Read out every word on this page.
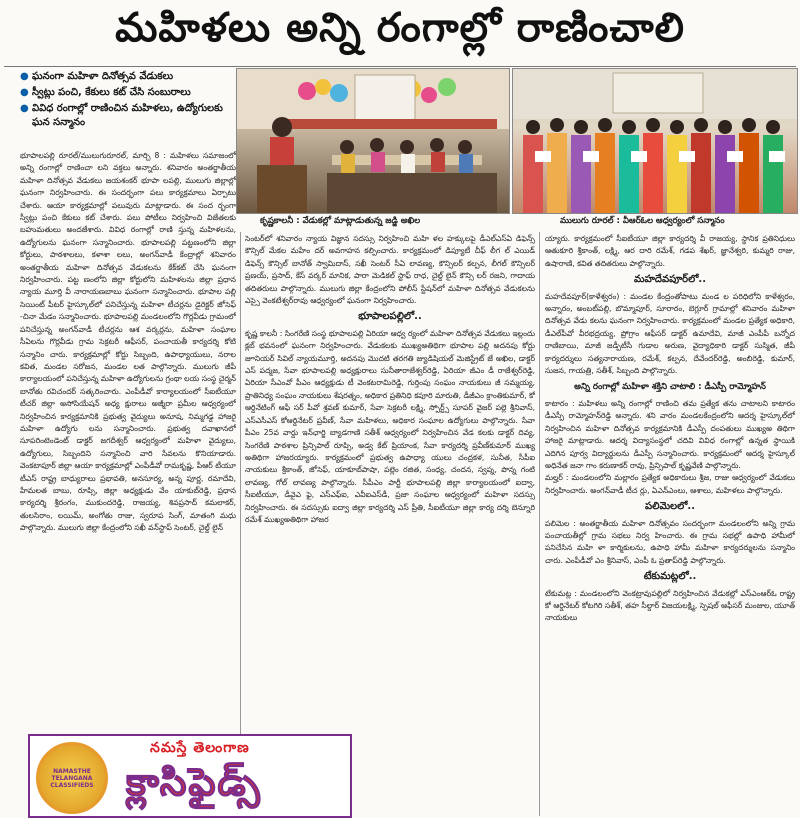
మహిళలు అన్ని రంగాల్లో రాణించాలి
● ఘనంగా మహిళా దినోత్సవ వేడుకలు
● స్వీట్లు పంచి, కేకులు కట్ చేసి సంబురాలు
● వివిధ రంగాల్లో రాణించిన మహిళలు, ఉద్యోగులకు ఘన సన్మానం
కృష్ణకాలనీ : వేడుకల్లో మాట్లాడుతున్న జడ్జి అఖిల	ములుగు రూరల్ : వీఆర్‌ఓల ఆధ్వర్యంలో సన్మానం

భూపాలపల్లి రూరల్/ములుగురూరల్, మార్చి 8 : మహిళలు సమాజంలో అన్ని రంగాల్లో రాణించా లని వక్తలు అన్నారు. శనివారం అంతర్జాతీయ మహిళా దినోత్సవ వేడుకలు జయశంకర్ భూపా లపల్లి, ములుగు జిల్లాల్లో ఘనంగా నిర్వహించారు. ఈ సందర్భంగా పలు కార్యక్రమాలు ఏర్పాటు చేశారు. ఆయా కార్యక్రమాల్లో పలువురు మాట్లాడారు. ఈ సంద ర్భంగా స్వీట్లు పంచి కేకులు కట్ చేశారు. పలు పోటీలు నిర్వహించి విజేతలకు బహుమతులు అందజేశారు. వివిధ రంగాల్లో రాణి స్తున్న మహిళలను, ఉద్యోగులను ఘనంగా సన్మానించారు. భూపాలపల్లి పట్టణంలోని జిల్లా కోర్టులు, పాఠశాలలు, కళాశా లలు, అంగన్‌వాడీ కేంద్రాల్లో శనివారం అంతర్జాతీయ మహిళా దినోత్సవ వేడుకలను కేక్‌కట్ చేసి ఘనంగా నిర్వహించారు. పట్ట ణంలోని జిల్లా కోర్టులోని మహిళలను జిల్లా ప్రధాన న్యాయ మూర్తి వీ నారాయణబాబు ఘనంగా సన్మానించారు. భూపాల పల్లి సెయింట్ పీటర్ హైస్కూల్‌లో పనిచేస్తున్న మహిళా టీచర్లను డైరెక్టర్ జోసెఫ్ -చినా మేడం సన్మానించారు. భూపాలపల్లి మండలంలోని గొర్లవీడు గ్రామంలో పనిచేస్తున్న అంగన్‌వాడీ టీచర్లను ఆశ వర్కర్లను, మహిళా సంఘాల సీఏలను గొర్లవీడు గ్రామ సెక్రటరీ ఆఫీసర్, పంచాయతీ కార్యదర్శి కోటి సన్మానిం చారు. కార్యక్రమాల్లో కోర్టు సిబ్బంది, ఉపాధ్యాయులు, నరాల కవిత, మండల సరోజన, మండల లత పాల్గొన్నారు. ములుగు జీపీ కార్యాలయంలో పనిచేస్తున్న మహిళా ఉద్యోగులను గ్రంథా లయ సంస్థ చైర్మన్ బానోతు రవిచందర్ సత్కరించారు. ఎంపీడీవో కార్యాలయంలో సీఐటీయూ టీచర్ జిల్లా అసోసియేషన్ అధ్య క్షురాలు అజ్మీరా ప్రమీల ఆధ్వర్యంలో నిర్వహించిన కార్యక్రమానికి ప్రభుత్వ వైద్యులు అనూష, నిమ్మగడ్డ హాజరై మహిళా ఉద్యోగు లను సన్మానించారు. ప్రభుత్వ దవాఖానలో సూపరింటెండెంట్ డాక్టర్ జగదీశ్వర్ ఆధ్వర్యంలో మహిళా వైద్యులు, ఉద్యోగులు, సిబ్బందిని సన్మానించి వారి సేవలను కొనియాడారు. వెంకటాపూర్ జిల్లా ఆయా కార్యక్రమాల్లో ఎంపీడీవో రామకృష్ణ, పీఆర్‌ టీయూ టీఎస్ రాష్ట్ర బాధ్యురాలు ప్రభావతి, అనసూర్య, అన్న పూర్ణ, రమాదేవి, హేమలత బాబు, రూప్సి, జిల్లా అధ్యక్షుడు వేం యాకుబ్‌రెడ్డి, ప్రధాన కార్యదర్శి శ్రీరంగం, ముకుందరెడ్డి, రాజయ్య, శివప్రసాద్ కమలాకర్, తులసిరాం, లయిమ్, అంగోతు రాజు, స్వరూప సింగ్, మాతంగి మధు పాల్గొన్నారు. ములుగు జిల్లా కేంద్రంలోని సఖీ వన్‌స్టాప్ సెంటర్, చైల్డ్ లైన్

సెంటర్‌లో శనివారం న్యాయ విజ్ఞాన సదస్సు నిర్వహించి మహి ళల హక్కులపై డీఎల్ఎస్ఏ డిఫెన్స్ కౌన్సిల్ మేకల మహేం దర్ అవగాహన కల్పించారు. కార్యక్రమంలో డిప్యూటీ చీఫ్ లీగ ల్ ఎయిడ్ డిఫెన్స్ కౌన్సిల్ బానోత్ స్వామిదాస్, సఖీ సెంటర్ సీఏ లావణ్య, కౌన్సిలర్ కల్పన, లీగల్ కౌన్సిలర్ ప్రణయ్, ప్రసాద్, కేస్ వర్కర్ మానిక, పారా మెడికల్ స్టాఫ్ రాధ, చైల్డ్ లైన్ కౌన్సి లర్ రజని, గాదాయ తదితరులు పాల్గొన్నారు. ములుగు జిల్లా కేంద్రంలోని పోలీస్ స్టేషన్‌లో మహిళా దినోత్సవ వేడుకలను ఎస్సై వెంకటేశ్వర్‌రావు ఆధ్వర్యంలో ఘనంగా నిర్వహించారు.

భూపాలపల్లిలో..

కృష్ణ కాలనీ : సింగరేణి సంస్థ భూపాలపల్లి ఏరియా ఆధ్వ ర్యంలో మహిళా దినోత్సవ వేడుకలు ఇల్లందు క్లబ్ భవనంలో ఘనంగా నిర్వహించారు. వేడుకలకు ముఖ్యఅతిథిగా భూపాల పల్లి అదనపు కోర్టు జూనియర్ సివిల్ న్యాయమూర్తి, అదనపు మొదటి తరగతి జ్యుడిషియల్ మెజిస్ట్రేట్ జే అఖిల, డాక్టర్ ఎస్ పద్మజ, సేవా భూపాలపల్లి అధ్యక్షురాలు సునీతారాజేశ్వర్‌రెడ్డి, ఏరియా జీఎం డీ రాజేశ్వర్‌రెడ్డి, ఏరియా సీఎంవో పీఎం ఆధ్యక్షుడు టీ వెంకటరామిరెడ్డి, గుర్తింపు సంఘం నాయకులు జీ సమ్మయ్య, ప్రాతినిధ్య సంఘం నాయకులు శేషరత్నం, అధికార ప్రతినిధి కపూరి మారుతి, డీజీఎం క్రాంతికుమార్, కో ఆర్డినేటింగ్ ఆఫీ సర్ పీవో శ్రవణ్ కుమార్, సేవా సెక్రటరీ లక్ష్మి, స్పోర్ట్స్ సూపర్ వైజర్ పల్లె శ్రీనివాస్, ఎస్ఎసీఎస్ కోఆర్డినేటర్ ప్రవీణ్, సేవా మహిళలు, అధికార సంఘాల ఉద్యోగులు పాల్గొన్నారు. సేవా పీఎం 25వ వార్డు ఇన్‌ఛార్జి బ్యాడగాణి సతీశ్ ఆధ్వర్యంలో నిర్వహించిన వేడ కలకు డాక్టర్ దివ్య, సింగరేణి పాఠశాల ప్రిన్సిపాల్ రూప్సి, అడ్వ కేట్ ప్రియాంక, సేవా కార్యదర్శి ప్రవీణ్‌కుమార్ ముఖ్య అతిథిగా హాజరయ్యారు. కార్యక్రమంలో ప్రభుత్వ ఉపాధ్యా యులు చంద్రకళ, సునీత, సీపీఐ నాయకులు శ్రీకాంత్, జోసెఫ్, యాకూబ్‌పాషా, పల్లెం రజిత, సంధ్య, చందన, స్వప్న, పొన్న గంటి లావణ్య, గోల్ లావణ్య పాల్గొన్నారు. సీపీఎం పార్టీ భూపాలపల్లి జిల్లా కార్యాలయంలో ఐద్వా, సీఐటీయూ, డీవైఎ ఫై, ఎస్ఎఫ్ఐ, ఎవీఐఎస్‌డీ, ప్రజా సంఘాల ఆధ్వర్యంలో మహిళా సదస్సు నిర్వహించారు. ఈ సదస్సుకు ఐద్వా జిల్లా కార్యదర్శి ఎస్ ప్రీతి, సీఐటీయూ జిల్లా కార్య దర్శి బెన్నూరి రమేశ్ ముఖ్యఅతిథిగా హాజర

య్యారు. కార్యక్రమంలో సీఐటీయూ జిల్లా కార్యదర్శి వీ రాజయ్య, స్థానిక ప్రతినిధులు ఆతుకూరి శ్రీకాంత్, లక్ష్మి, ఆర దారి రమేశ్, గడప శేఖర్, జ్ఞానేశ్వరి, కుమ్మరి రాజు, ఉషారాణి, కవిత తదితరులు పాల్గొన్నారు.

మహదేవపూర్‌లో..

మహదేవపూర్(కాళేశ్వరం) : మండల కేంద్రంతోపాటు మండ ల పరిధిలోని కాళేశ్వరం, అన్నారం, అంబట్‌పల్లి, బొమ్మాపూర్, సూరారం, బెగ్లూర్ గ్రామాల్లో శనివారం మహిళా దినోత్సవ వేడు కలను ఘనంగా నిర్వహించారు. కార్యక్రమంలో మండల ప్రత్యేక అధికారి, డీఎల్‌పీవో వీరభద్రయ్య, ప్రోగ్రాం ఆఫీసర్ డాక్టర్ ఉమాదేవి, మాజీ ఎంపీపీ బన్నోద రాణిబాయి, మాజీ జడ్పీటీసీ గుడాల అరుణ, వైద్యాధికారి డాక్టర్ సుస్మిత, జీపీ కార్యదర్శులు సత్యనారాయణ, రమేశ్, కల్పన, దేవేందర్‌రెడ్డి, అంబిరెడ్డి, కుమార్, సుజన, గాయత్రి, సతీశ్, సిబ్బంది పాల్గొన్నారు.

అన్ని రంగాల్లో మహిళా శక్తిని చాటాలి : డీఎస్పీ రామ్మోహన్

కాటారం : మహిళలు అన్ని రంగాల్లో రాణించి తమ ప్రత్యేక తను చాటాలని కాటారం డీఎస్పీ రామ్మోహన్‌రెడ్డి అన్నారు. శని వారం మండలకేంద్రంలోని ఆదర్శ హైస్కూల్‌లో నిర్వహించిన మహిళా దినోత్సవ కార్యక్రమానికి డీఎస్పీ దంపతులు ముఖ్యఅ తిథిగా హాజరై మాట్లాడారు. ఆదర్శ విద్యాసంస్థలో చదివి వివిధ రంగాల్లో ఉన్నత స్థాయికి ఎదిగిన పూర్వ విద్యార్థులను డీఎస్పీ సన్మానించారు. కార్యక్రమంలో ఆదర్శ హైస్కూల్ అధినేత జనా గాం కరుణాకర్ రావు, ప్రిన్సిపాల్ కృష్ణవేణి పాల్గొన్నారు.

మల్హర్ : మండలంలోని మల్లారం ప్రత్యేక అధికారులు శ్రీజ, రాజు ఆధ్వర్యంలో వేడుకలు నిర్వహించారు. అంగన్‌వాడీ టీచ ర్లు, ఏఎన్ఎంలు, ఆశాలు, మహిళలు పాల్గొన్నారు.

పలిమెలలో..

పలిమెల : అంతర్జాతీయ మహిళా దినోత్సవం సందర్భంగా మండలంలోని అన్ని గ్రామ పంచాయతీల్లో గ్రామ సభలు నిర్వ హించారు. ఈ గ్రామ సభల్లో ఉపాధి హామీలో పనిచేసిన మహి ళా కార్మికులను, ఉపాధి హామీ మహిళా కార్యదర్శులను సన్మానిం చారు. ఎంపీడీవో ఎం శ్రీనివాస్, ఎంపీ ఓ ప్రతాప్‌రెడ్డి పాల్గొన్నారు.

టేకుమట్లలో..

టేకుమట్ల : మండలంలోని వెంకట్రావుపల్లిలో నిర్వహించిన వేడుకల్లో ఎస్ఎంఆర్‌ఓ రాష్ట్ర కో ఆర్డినేటర్ కోటగిరి సతీశ్, తహ సీల్దార్ విజయలక్ష్మి, స్పెషల్ ఆఫీసర్ మంజుల, యూత్ నాయకులు

NAMASTHE TELANGANA CLASSIFIEDS
నమస్తే తెలంగాణ
క్లాసిఫైడ్స్
